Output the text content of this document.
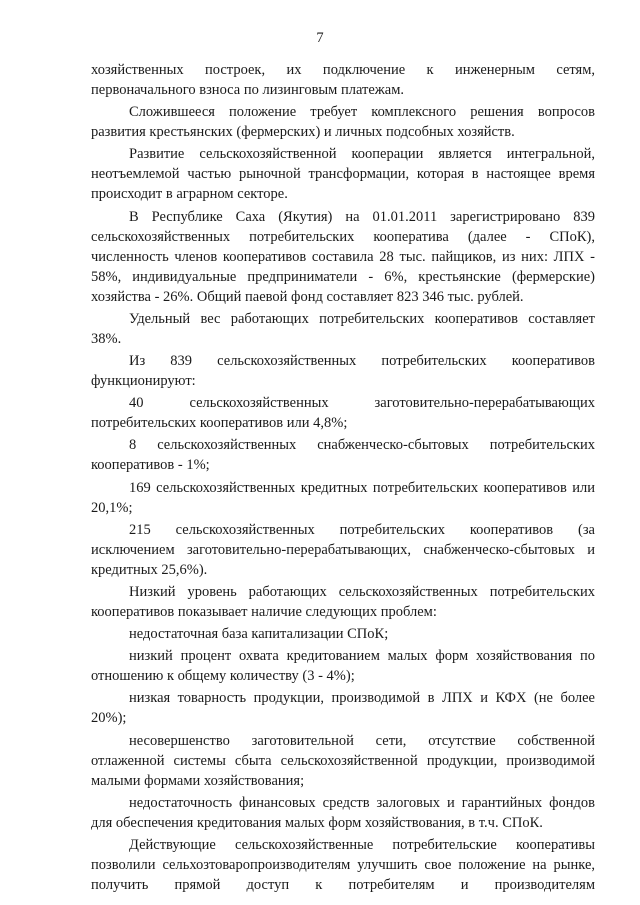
7

хозяйственных построек, их подключение к инженерным сетям, первоначального взноса по лизинговым платежам.

Сложившееся положение требует комплексного решения вопросов развития крестьянских (фермерских) и личных подсобных хозяйств.

Развитие сельскохозяйственной кооперации является интегральной, неотъемлемой частью рыночной трансформации, которая в настоящее время происходит в аграрном секторе.

В Республике Саха (Якутия) на 01.01.2011 зарегистрировано 839 сельскохозяйственных потребительских кооператива (далее - СПоК), численность членов кооперативов составила 28 тыс. пайщиков, из них: ЛПХ - 58%, индивидуальные предприниматели - 6%, крестьянские (фермерские) хозяйства - 26%. Общий паевой фонд составляет 823 346 тыс. рублей.

Удельный вес работающих потребительских кооперативов составляет 38%.

Из 839 сельскохозяйственных потребительских кооперативов функционируют:

40 сельскохозяйственных заготовительно-перерабатывающих потребительских кооперативов или 4,8%;

8 сельскохозяйственных снабженческо-сбытовых потребительских кооперативов - 1%;

169 сельскохозяйственных кредитных потребительских кооперативов или 20,1%;

215 сельскохозяйственных потребительских кооперативов (за исключением заготовительно-перерабатывающих, снабженческо-сбытовых и кредитных 25,6%).

Низкий уровень работающих сельскохозяйственных потребительских кооперативов показывает наличие следующих проблем:

недостаточная база капитализации СПоК;

низкий процент охвата кредитованием малых форм хозяйствования по отношению к общему количеству (3 - 4%);

низкая товарность продукции, производимой в ЛПХ и КФХ (не более 20%);

несовершенство заготовительной сети, отсутствие собственной отлаженной системы сбыта сельскохозяйственной продукции, производимой малыми формами хозяйствования;

недостаточность финансовых средств залоговых и гарантийных фондов для обеспечения кредитования малых форм хозяйствования, в т.ч. СПоК.

Действующие сельскохозяйственные потребительские кооперативы позволили сельхозтоваропроизводителям улучшить свое положение на рынке, получить прямой доступ к потребителям и производителям
